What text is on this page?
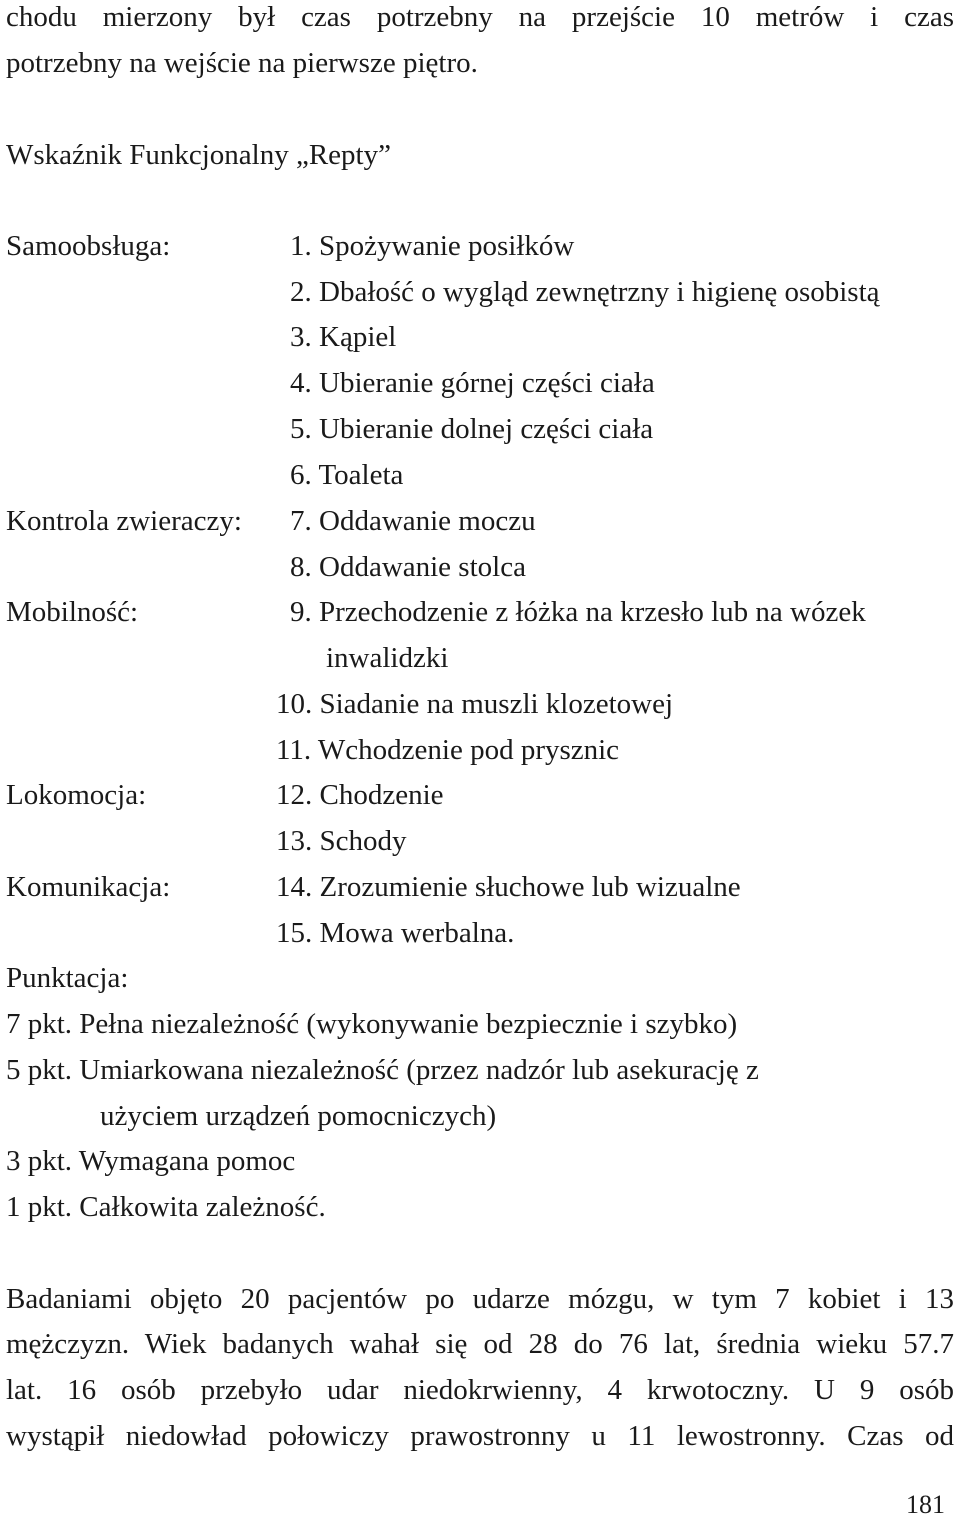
chodu mierzony był czas potrzebny na przejście 10 metrów i czas

potrzebny na wejście na pierwsze piętro.

Wskaźnik Funkcjonalny „Repty”

Samoobsługa:	1. Spożywanie posiłków

2. Dbałość o wygląd zewnętrzny i higienę osobistą

3. Kąpiel

4. Ubieranie górnej części ciała

5. Ubieranie dolnej części ciała

6. Toaleta

Kontrola zwieraczy: 7. Oddawanie moczu

8. Oddawanie stolca

Mobilność:	9. Przechodzenie z łóżka na krzesło lub na wózek

inwalidzki

10. Siadanie na muszli klozetowej

11. Wchodzenie pod prysznic

Lokomocja:	12. Chodzenie

13. Schody

Komunikacja:	14. Zrozumienie słuchowe lub wizualne

15. Mowa werbalna.

Punktacja:

7 pkt. Pełna niezależność (wykonywanie bezpiecznie i szybko)

5 pkt. Umiarkowana niezależność (przez nadzór lub asekurację z

użyciem urządzeń pomocniczych)

3 pkt. Wymagana pomoc

1 pkt. Całkowita zależność.

Badaniami objęto 20 pacjentów po udarze mózgu, w tym 7 kobiet i 13

mężczyzn. Wiek badanych wahał się od 28 do 76 lat, średnia wieku 57.7

lat. 16 osób przebyło udar niedokrwienny, 4 krwotoczny. U 9 osób

wystąpił niedowład połowiczy prawostronny u 11 lewostronny. Czas od

181
